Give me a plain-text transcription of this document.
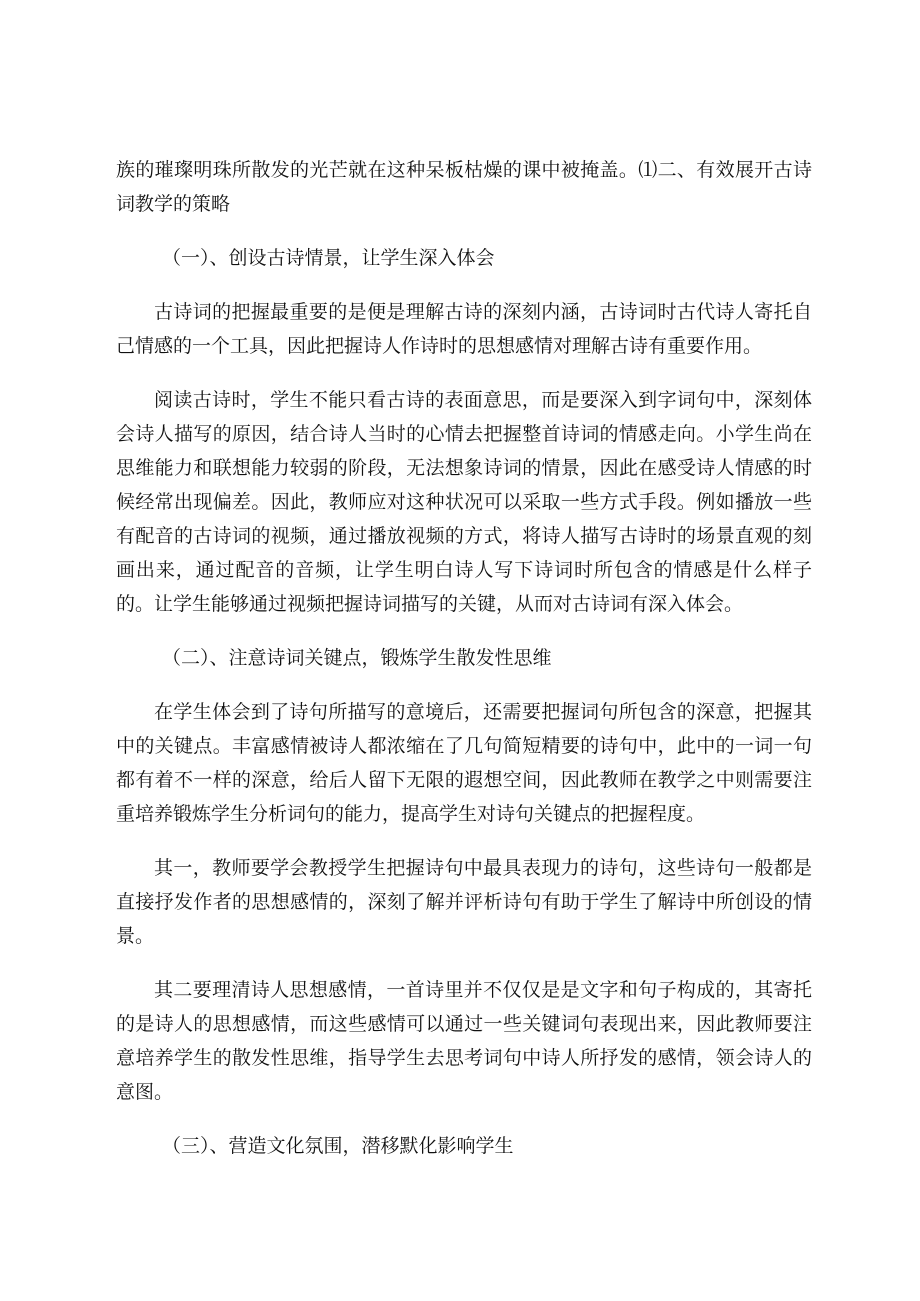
族的璀璨明珠所散发的光芒就在这种呆板枯燥的课中被掩盖。⑴二、有效展开古诗词教学的策略

（一）、创设古诗情景，让学生深入体会

古诗词的把握最重要的是便是理解古诗的深刻内涵，古诗词时古代诗人寄托自己情感的一个工具，因此把握诗人作诗时的思想感情对理解古诗有重要作用。

阅读古诗时，学生不能只看古诗的表面意思，而是要深入到字词句中，深刻体会诗人描写的原因，结合诗人当时的心情去把握整首诗词的情感走向。小学生尚在思维能力和联想能力较弱的阶段，无法想象诗词的情景，因此在感受诗人情感的时候经常出现偏差。因此，教师应对这种状况可以采取一些方式手段。例如播放一些有配音的古诗词的视频，通过播放视频的方式，将诗人描写古诗时的场景直观的刻画出来，通过配音的音频，让学生明白诗人写下诗词时所包含的情感是什么样子的。让学生能够通过视频把握诗词描写的关键，从而对古诗词有深入体会。

（二）、注意诗词关键点，锻炼学生散发性思维

在学生体会到了诗句所描写的意境后，还需要把握词句所包含的深意，把握其中的关键点。丰富感情被诗人都浓缩在了几句简短精要的诗句中，此中的一词一句都有着不一样的深意，给后人留下无限的遐想空间，因此教师在教学之中则需要注重培养锻炼学生分析词句的能力，提高学生对诗句关键点的把握程度。

其一，教师要学会教授学生把握诗句中最具表现力的诗句，这些诗句一般都是直接抒发作者的思想感情的，深刻了解并评析诗句有助于学生了解诗中所创设的情景。

其二要理清诗人思想感情，一首诗里并不仅仅是是文字和句子构成的，其寄托的是诗人的思想感情，而这些感情可以通过一些关键词句表现出来，因此教师要注意培养学生的散发性思维，指导学生去思考词句中诗人所抒发的感情，领会诗人的意图。

（三）、营造文化氛围，潜移默化影响学生
